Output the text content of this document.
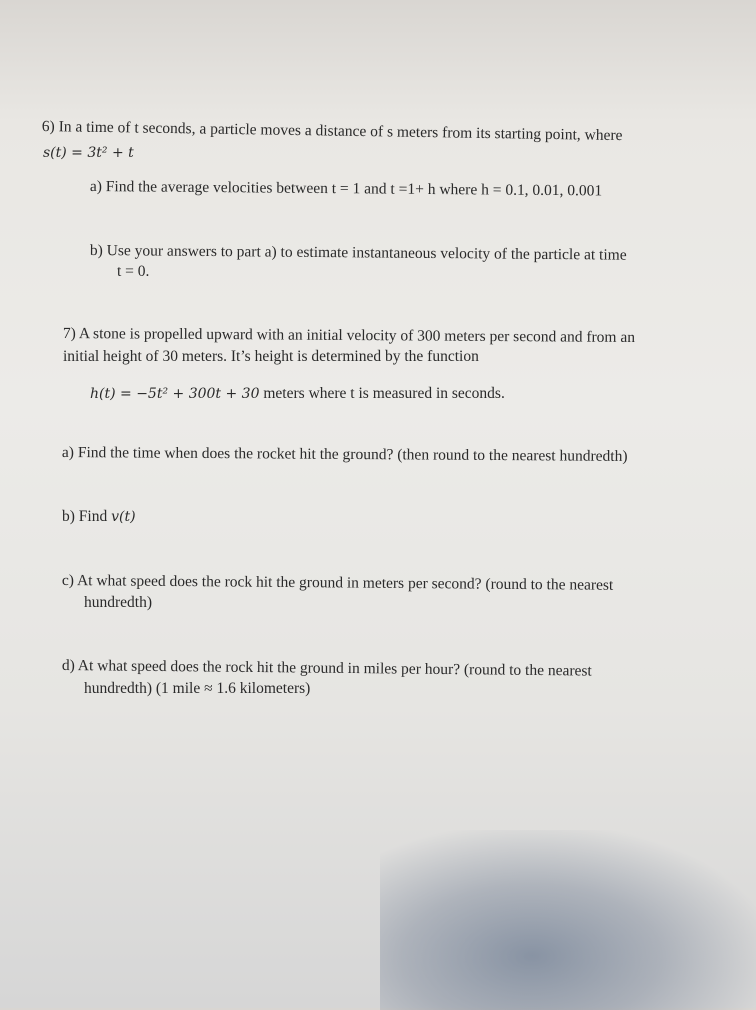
6) In a time of t seconds, a particle moves a distance of s meters from its starting point, where
s(t) = 3t² + t
a) Find the average velocities between t = 1 and t =1+ h where h = 0.1, 0.01, 0.001
b) Use your answers to part a) to estimate instantaneous velocity of the particle at time
t = 0.
7) A stone is propelled upward with an initial velocity of 300 meters per second and from an
initial height of 30 meters. It’s height is determined by the function
h(t) = −5t² + 300t + 30 meters where t is measured in seconds.
a) Find the time when does the rocket hit the ground? (then round to the nearest hundredth)
b) Find v(t)
c) At what speed does the rock hit the ground in meters per second? (round to the nearest
hundredth)
d) At what speed does the rock hit the ground in miles per hour? (round to the nearest
hundredth) (1 mile ≈ 1.6 kilometers)
